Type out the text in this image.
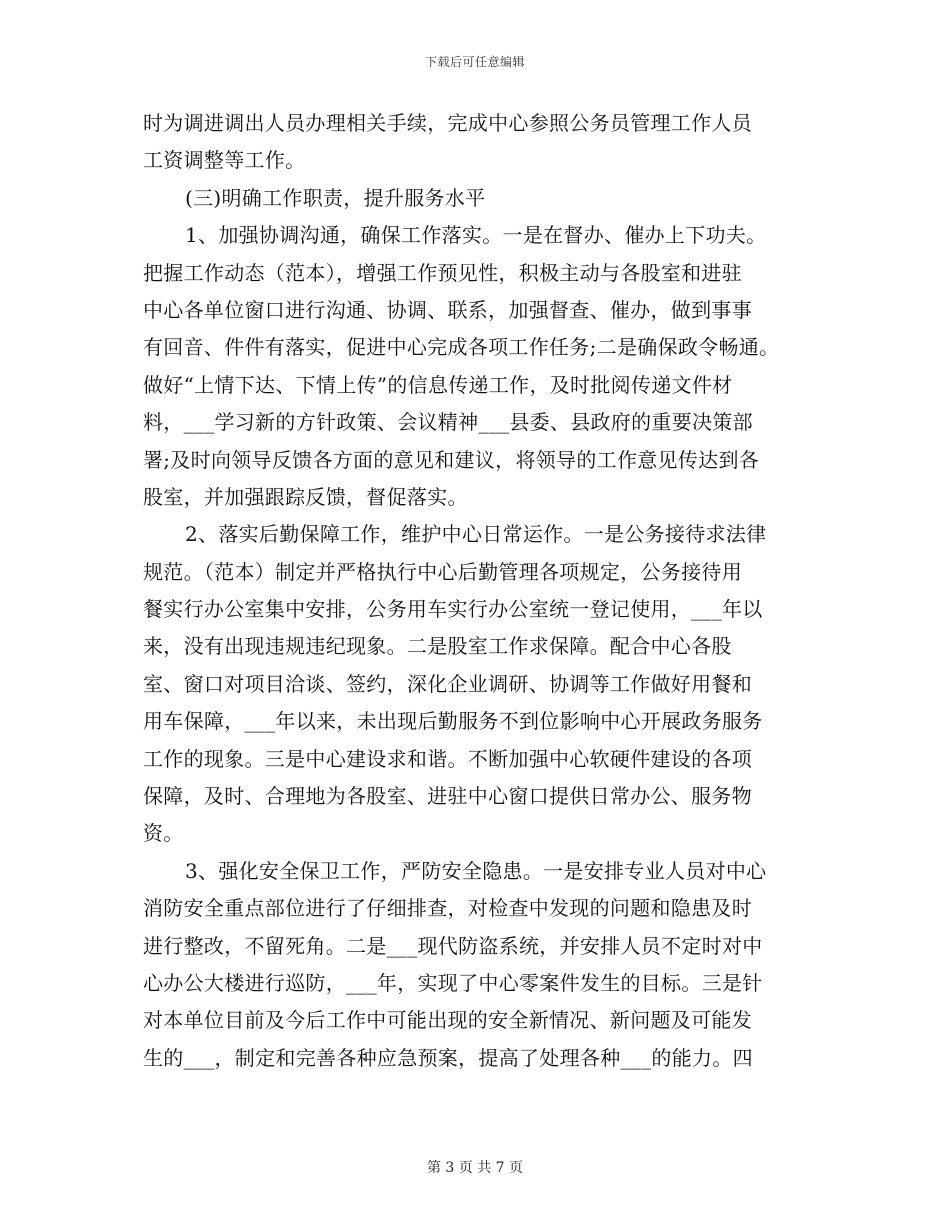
下载后可任意编辑
时为调进调出人员办理相关手续，完成中心参照公务员管理工作人员
工资调整等工作。
(三)明确工作职责，提升服务水平
1、加强协调沟通，确保工作落实。一是在督办、催办上下功夫。
把握工作动态（范本），增强工作预见性，积极主动与各股室和进驻
中心各单位窗口进行沟通、协调、联系，加强督查、催办，做到事事
有回音、件件有落实，促进中心完成各项工作任务;二是确保政令畅通。
做好“上情下达、下情上传”的信息传递工作，及时批阅传递文件材
料，___学习新的方针政策、会议精神___县委、县政府的重要决策部
署;及时向领导反馈各方面的意见和建议，将领导的工作意见传达到各
股室，并加强跟踪反馈，督促落实。
2、落实后勤保障工作，维护中心日常运作。一是公务接待求法律
规范。（范本）制定并严格执行中心后勤管理各项规定，公务接待用
餐实行办公室集中安排，公务用车实行办公室统一登记使用，___年以
来，没有出现违规违纪现象。二是股室工作求保障。配合中心各股
室、窗口对项目洽谈、签约，深化企业调研、协调等工作做好用餐和
用车保障，___年以来，未出现后勤服务不到位影响中心开展政务服务
工作的现象。三是中心建设求和谐。不断加强中心软硬件建设的各项
保障，及时、合理地为各股室、进驻中心窗口提供日常办公、服务物
资。
3、强化安全保卫工作，严防安全隐患。一是安排专业人员对中心
消防安全重点部位进行了仔细排查，对检查中发现的问题和隐患及时
进行整改，不留死角。二是___现代防盗系统，并安排人员不定时对中
心办公大楼进行巡防，___年，实现了中心零案件发生的目标。三是针
对本单位目前及今后工作中可能出现的安全新情况、新问题及可能发
生的___，制定和完善各种应急预案，提高了处理各种___的能力。四
第 3 页 共 7 页
